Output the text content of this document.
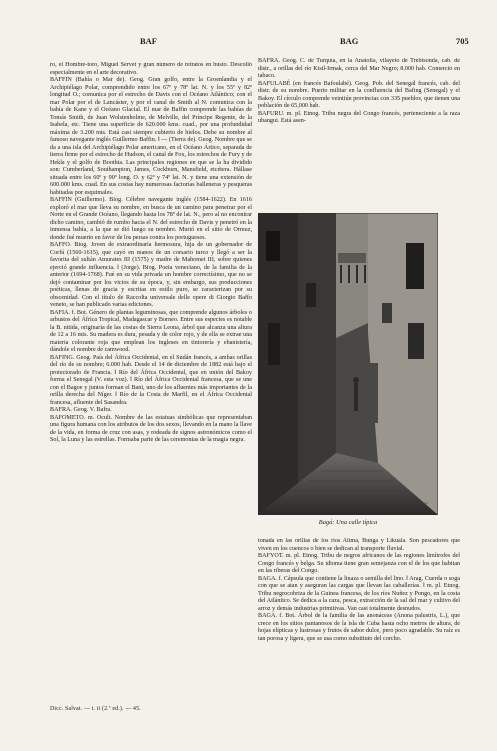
BAF	BAG	705

ro, el Hombre-toro, Miguel Servet y gran número de retratos en busto. Descolló especialmente en el arte decorativo.

BAFFIN (Bahía o Mar de). Geog. Gran golfo, entre la Groenlandia y el Archipiélago Polar, comprendido entre los 67º y 78º lat. N. y los 55º y 82º longitud O.; comunica por el estrecho de Davis con el Océano Atlántico; con el mar Polar por el de Lancáster, y por el canal de Smith al N. comunica con la bahía de Kane y el Océano Glacial. El mar de Baffin comprende las bahías de Tomás Smith, de Juan Wolstenholme, de Melville, del Príncipe Regente, de la Isabela, etc. Tiene una superficie de 620.000 kms. cuad., por una profundidad máxima de 3.200 mts. Está casi siempre cubierto de hielos. Debe su nombre al famoso navegante inglés Guillermo Baffin. ‖ — (Tierra de). Geog. Nombre que se da a una isla del Archipiélago Polar americano, en el Océano Ártico, separada de tierra firme por el estrecho de Hudson, el canal de Fox, los estrechos de Fury y de Hekla y el golfo de Boothia. Las principales regiones en que se la ha dividido son: Cumberland, Southampton, James, Cockburn, Mansfield, etcétera. Hállase situada entre los 60º y 90º long. O. y 62º y 74º lat. N. y tiene una extensión de 600.000 kms. cuad. En sus costas hay numerosas factorías balleneras y pesqueras habitadas por esquimales.

BAFFIN (Guillermo). Biog. Célebre navegante inglés (1584-1622). En 1616 exploró el mar que lleva su nombre, en busca de un camino para penetrar por el Norte en el Grande Océano, llegando hasta los 78º de lat. N., pero al no encontrar dicho camino, cambió de rumbo hacia el N. del estrecho de Davis y penetró en la inmensa bahía, a la que se dió luego su nombre. Murió en el sitio de Ormuz, donde fué muerto en favor de los persas contra los portugueses.

BAFFO. Biog. Joven de extraordinaria hermosura, hija de un gobernador de Corfú (1560-1615), que cayó en manos de un corsario turco y llegó a ser la favorita del sultán Amurates III (1575) y madre de Mahomet III, sobre quienes ejerció grande influencia. ‖ (Jorge). Biog. Poeta veneciano, de la familia de la anterior (1694-1768). Fué en su vida privada un hombre correctísimo, que no se dejó contaminar por los vicios de su época, y, sin embargo, sus producciones poéticas, llenas de gracia y escritas en estilo puro, se caracterizan por su obscenidad. Con el título de Raccolta universale delle opere di Giorgio Baffo veneto, se han publicado varias ediciones.

BAFIA. f. Bot. Género de plantas leguminosas, que comprende algunos árboles o arbustos del África Tropical, Madagascar y Borneo. Entre sus especies es notable la B. nitida, originaria de las costas de Sierra Leona, árbol que alcanza una altura de 12 a 16 mts. Su madera es dura, pesada y de color rojo, y de ella se extrae una materia colorante roja que emplean los ingleses en tintorería y ebanistería, dándole el nombre de camwood.

BAFING. Geog. País del África Occidental, en el Sudán francés, a ambas orillas del río de su nombre; 6.000 hab. Desde el 14 de diciembre de 1882 está bajo el protectorado de Francia. ‖ Río del África Occidental, que en unión del Bakoy forma el Senegal (V. esta voz). ‖ Río del África Occidental francesa, que se une con el Bagoe y juntos forman el Bani, uno de los afluentes más importantes de la orilla derecha del Níger. ‖ Río de la Costa de Marfil, en el África Occidental francesa, afluente del Sasandra.

BAFRA. Geog. V. Bafra.

BAFOMETO. m. Ocult. Nombre de las estatuas simbólicas que representaban una figura humana con los atributos de los dos sexos, llevando en la mano la llave de la vida, en forma de cruz con asas, y rodeada de signos astronómicos como el Sol, la Luna y las estrellas. Formaba parte de las ceremonias de la magia negra.

BAFRA. Geog. C. de Turquía, en la Anatolia, vilayeto de Trebisonda, cab. de distr., a orillas del río Kisil-Irmak, cerca del Mar Negro; 8.000 hab. Comercio en tabaco.

BAFULABÉ (en francés Bafoulabé). Geog. Pob. del Senegal francés, cab. del distr. de su nombre. Puerto militar en la confluencia del Bafing (Senegal) y el Bakoy. El círculo comprende veintiún provincias con 335 pueblos, que tienen una población de 65,000 hab.

BAFURU. m. pl. Etnog. Tribu negra del Congo francés, perteneciente a la raza ubangui. Está asen-

Bagá: Una calle típica

tonada en las orillas de los ríos Alima, Bunga y Likuala. Son pescadores que viven en los cuencos o bien se dedican al transporte fluvial.

BAFYOT. m. pl. Etnog. Tribu de negros africanos de las regiones limítrofes del Congo francés y belga. Su idioma tiene gran semejanza con el de los que habitan en las riberas del Congo.

BAGA. f. Cápsula que contiene la linaza o semilla del lino. ‖ Arag. Cuerda o soga con que se atan y aseguran las cargas que llevan las caballerías. ‖ m. pl. Etnog. Tribu negrocobriza de la Guinea francesa, de los ríos Nuñez y Pongo, en la costa del Atlántico. Se dedica a la caza, pesca, extracción de la sal del mar y cultivo del arroz y demás industrias primitivas. Van casi totalmente desnudos.

BAGA. f. Bot. Árbol de la familia de las anonáceas (Anona palustris, L.), que crece en los sitios pantanosos de la isla de Cuba hasta ocho metros de altura, de hojas elípticas y lustrosas y frutos de sabor dulce, pero poco agradable. Su raíz es tan porosa y ligera, que se usa como substituto del corcho.

Dicc. Salvat. — t. ii (2.ª ed.). — 45.
